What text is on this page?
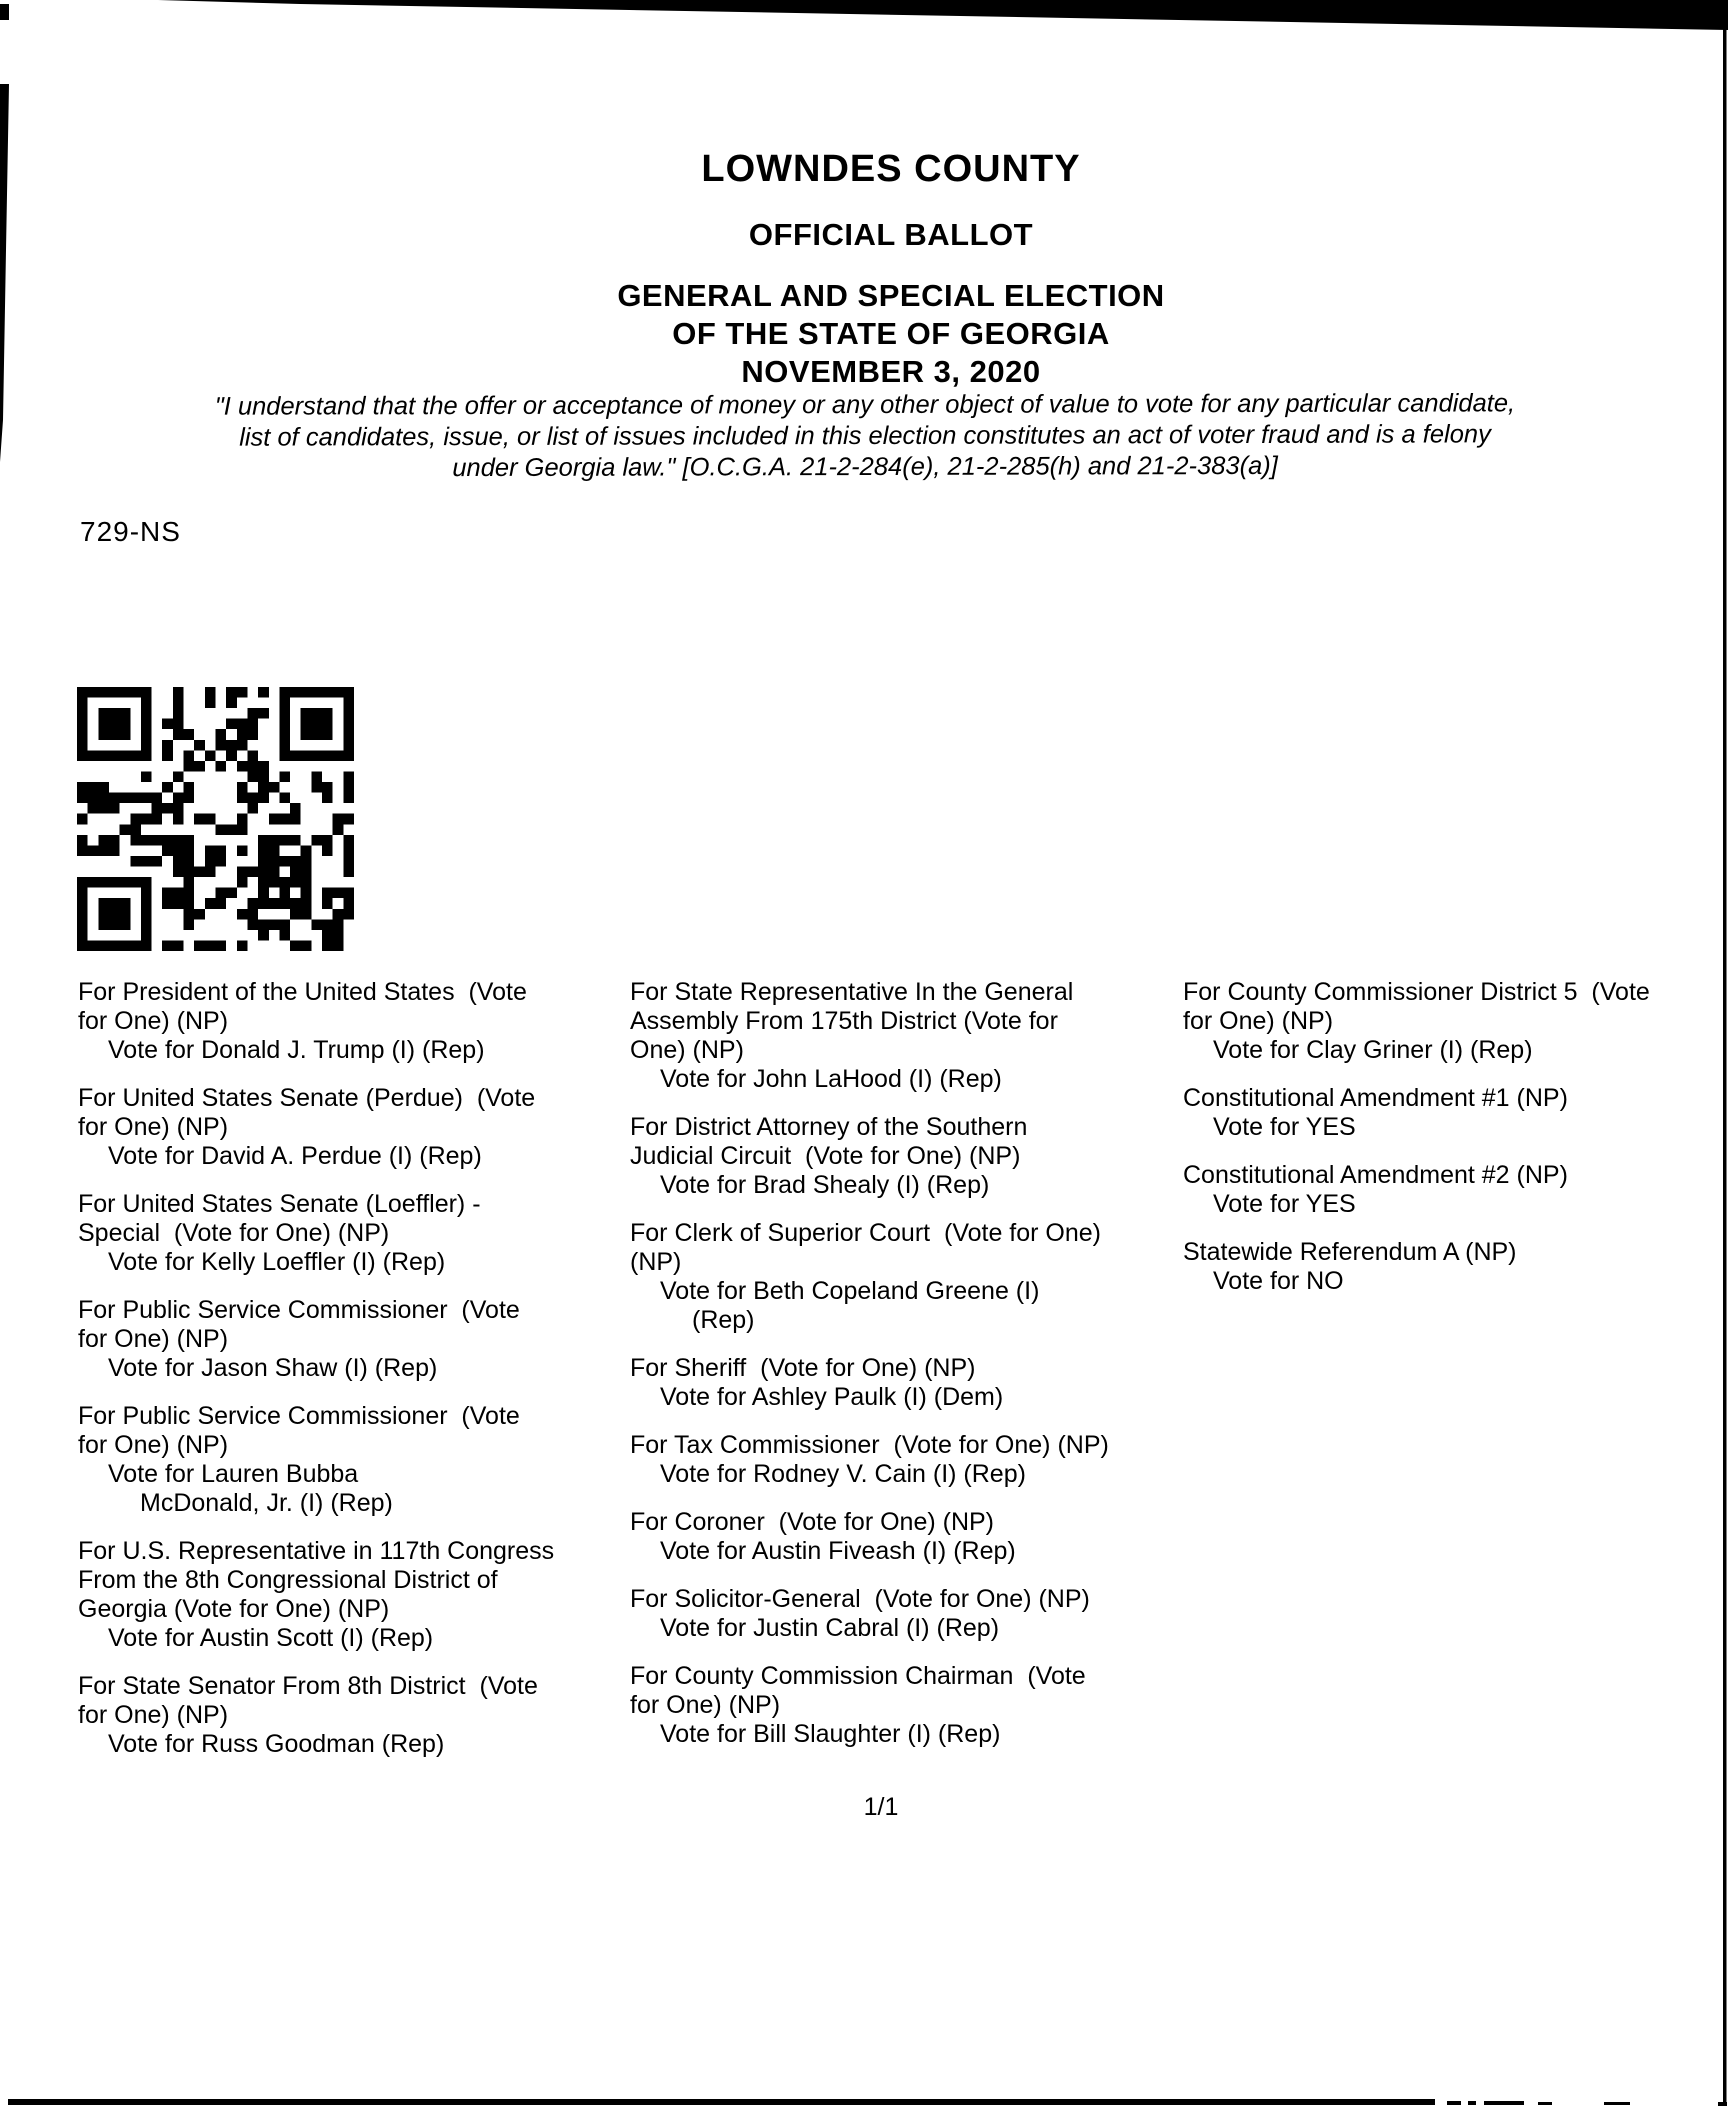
LOWNDES COUNTY
OFFICIAL BALLOT
GENERAL AND SPECIAL ELECTION
OF THE STATE OF GEORGIA
NOVEMBER 3, 2020
"I understand that the offer or acceptance of money or any other object of value to vote for any particular candidate,
list of candidates, issue, or list of issues included in this election constitutes an act of voter fraud and is a felony
under Georgia law." [O.C.G.A. 21-2-284(e), 21-2-285(h) and 21-2-383(a)]
729-NS
For President of the United States  (Vote
for One) (NP)
Vote for Donald J. Trump (I) (Rep)
For United States Senate (Perdue)  (Vote
for One) (NP)
Vote for David A. Perdue (I) (Rep)
For United States Senate (Loeffler) -
Special  (Vote for One) (NP)
Vote for Kelly Loeffler (I) (Rep)
For Public Service Commissioner  (Vote
for One) (NP)
Vote for Jason Shaw (I) (Rep)
For Public Service Commissioner  (Vote
for One) (NP)
Vote for Lauren Bubba
McDonald, Jr. (I) (Rep)
For U.S. Representative in 117th Congress
From the 8th Congressional District of
Georgia (Vote for One) (NP)
Vote for Austin Scott (I) (Rep)
For State Senator From 8th District  (Vote
for One) (NP)
Vote for Russ Goodman (Rep)
For State Representative In the General
Assembly From 175th District (Vote for
One) (NP)
Vote for John LaHood (I) (Rep)
For District Attorney of the Southern
Judicial Circuit  (Vote for One) (NP)
Vote for Brad Shealy (I) (Rep)
For Clerk of Superior Court  (Vote for One)
(NP)
Vote for Beth Copeland Greene (I)
(Rep)
For Sheriff  (Vote for One) (NP)
Vote for Ashley Paulk (I) (Dem)
For Tax Commissioner  (Vote for One) (NP)
Vote for Rodney V. Cain (I) (Rep)
For Coroner  (Vote for One) (NP)
Vote for Austin Fiveash (I) (Rep)
For Solicitor-General  (Vote for One) (NP)
Vote for Justin Cabral (I) (Rep)
For County Commission Chairman  (Vote
for One) (NP)
Vote for Bill Slaughter (I) (Rep)
For County Commissioner District 5  (Vote
for One) (NP)
Vote for Clay Griner (I) (Rep)
Constitutional Amendment #1 (NP)
Vote for YES
Constitutional Amendment #2 (NP)
Vote for YES
Statewide Referendum A (NP)
Vote for NO
1/1
